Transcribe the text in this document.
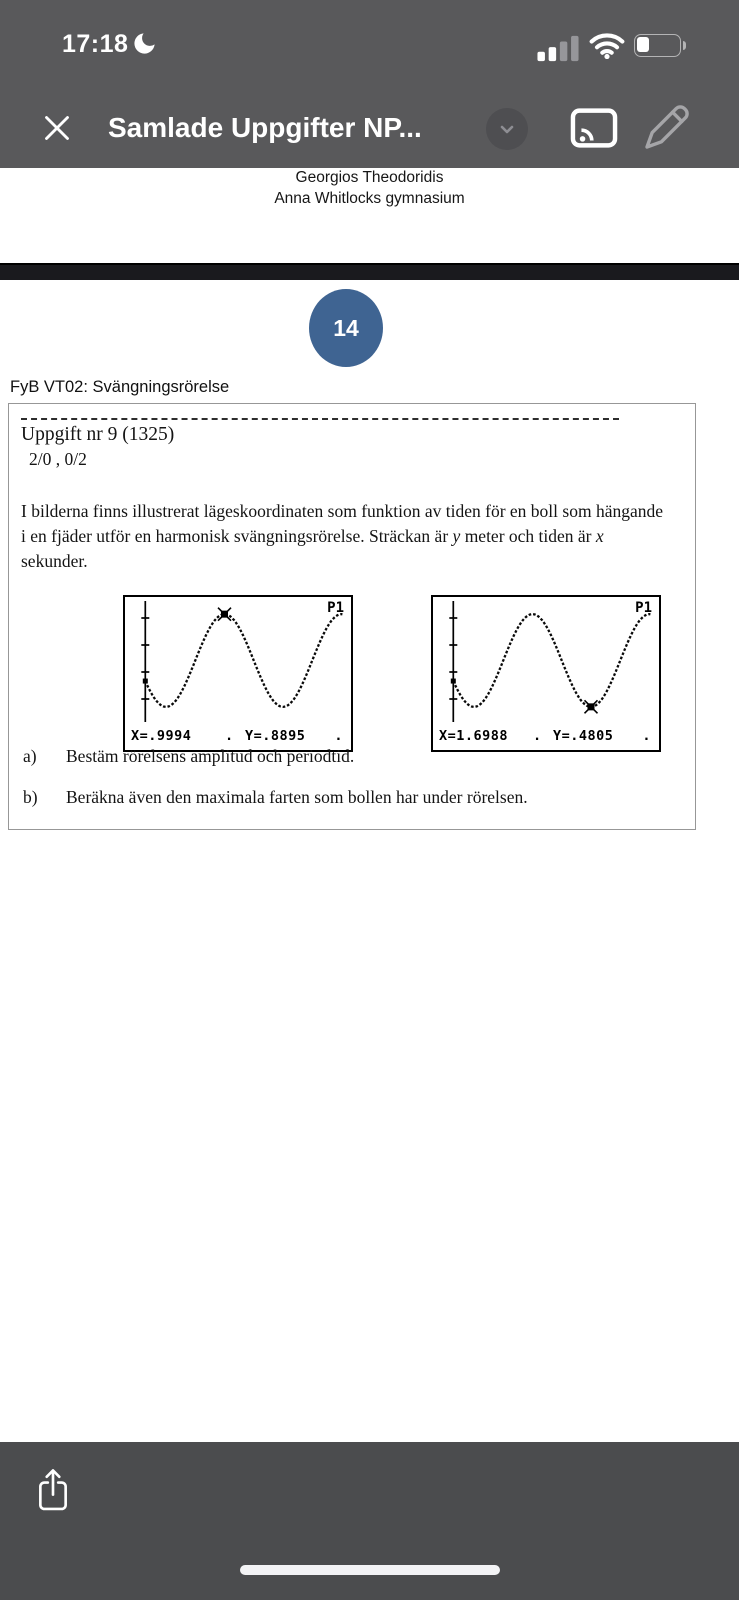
17:18
Samlade Uppgifter NP...
Georgios Theodoridis
Anna Whitlocks gymnasium
14
FyB VT02: Svängningsrörelse
Uppgift nr 9 (1325)
2/0 , 0/2

I bilderna finns illustrerat lägeskoordinaten som funktion av tiden för en boll som hängande i en fjäder utför en harmonisk svängningsrörelse. Sträckan är y meter och tiden är x sekunder.

P1
X=.9994 . Y=.8895 .
P1
X=1.6988 . Y=.4805 .
a) Bestäm rörelsens amplitud och periodtid.
b) Beräkna även den maximala farten som bollen har under rörelsen.
